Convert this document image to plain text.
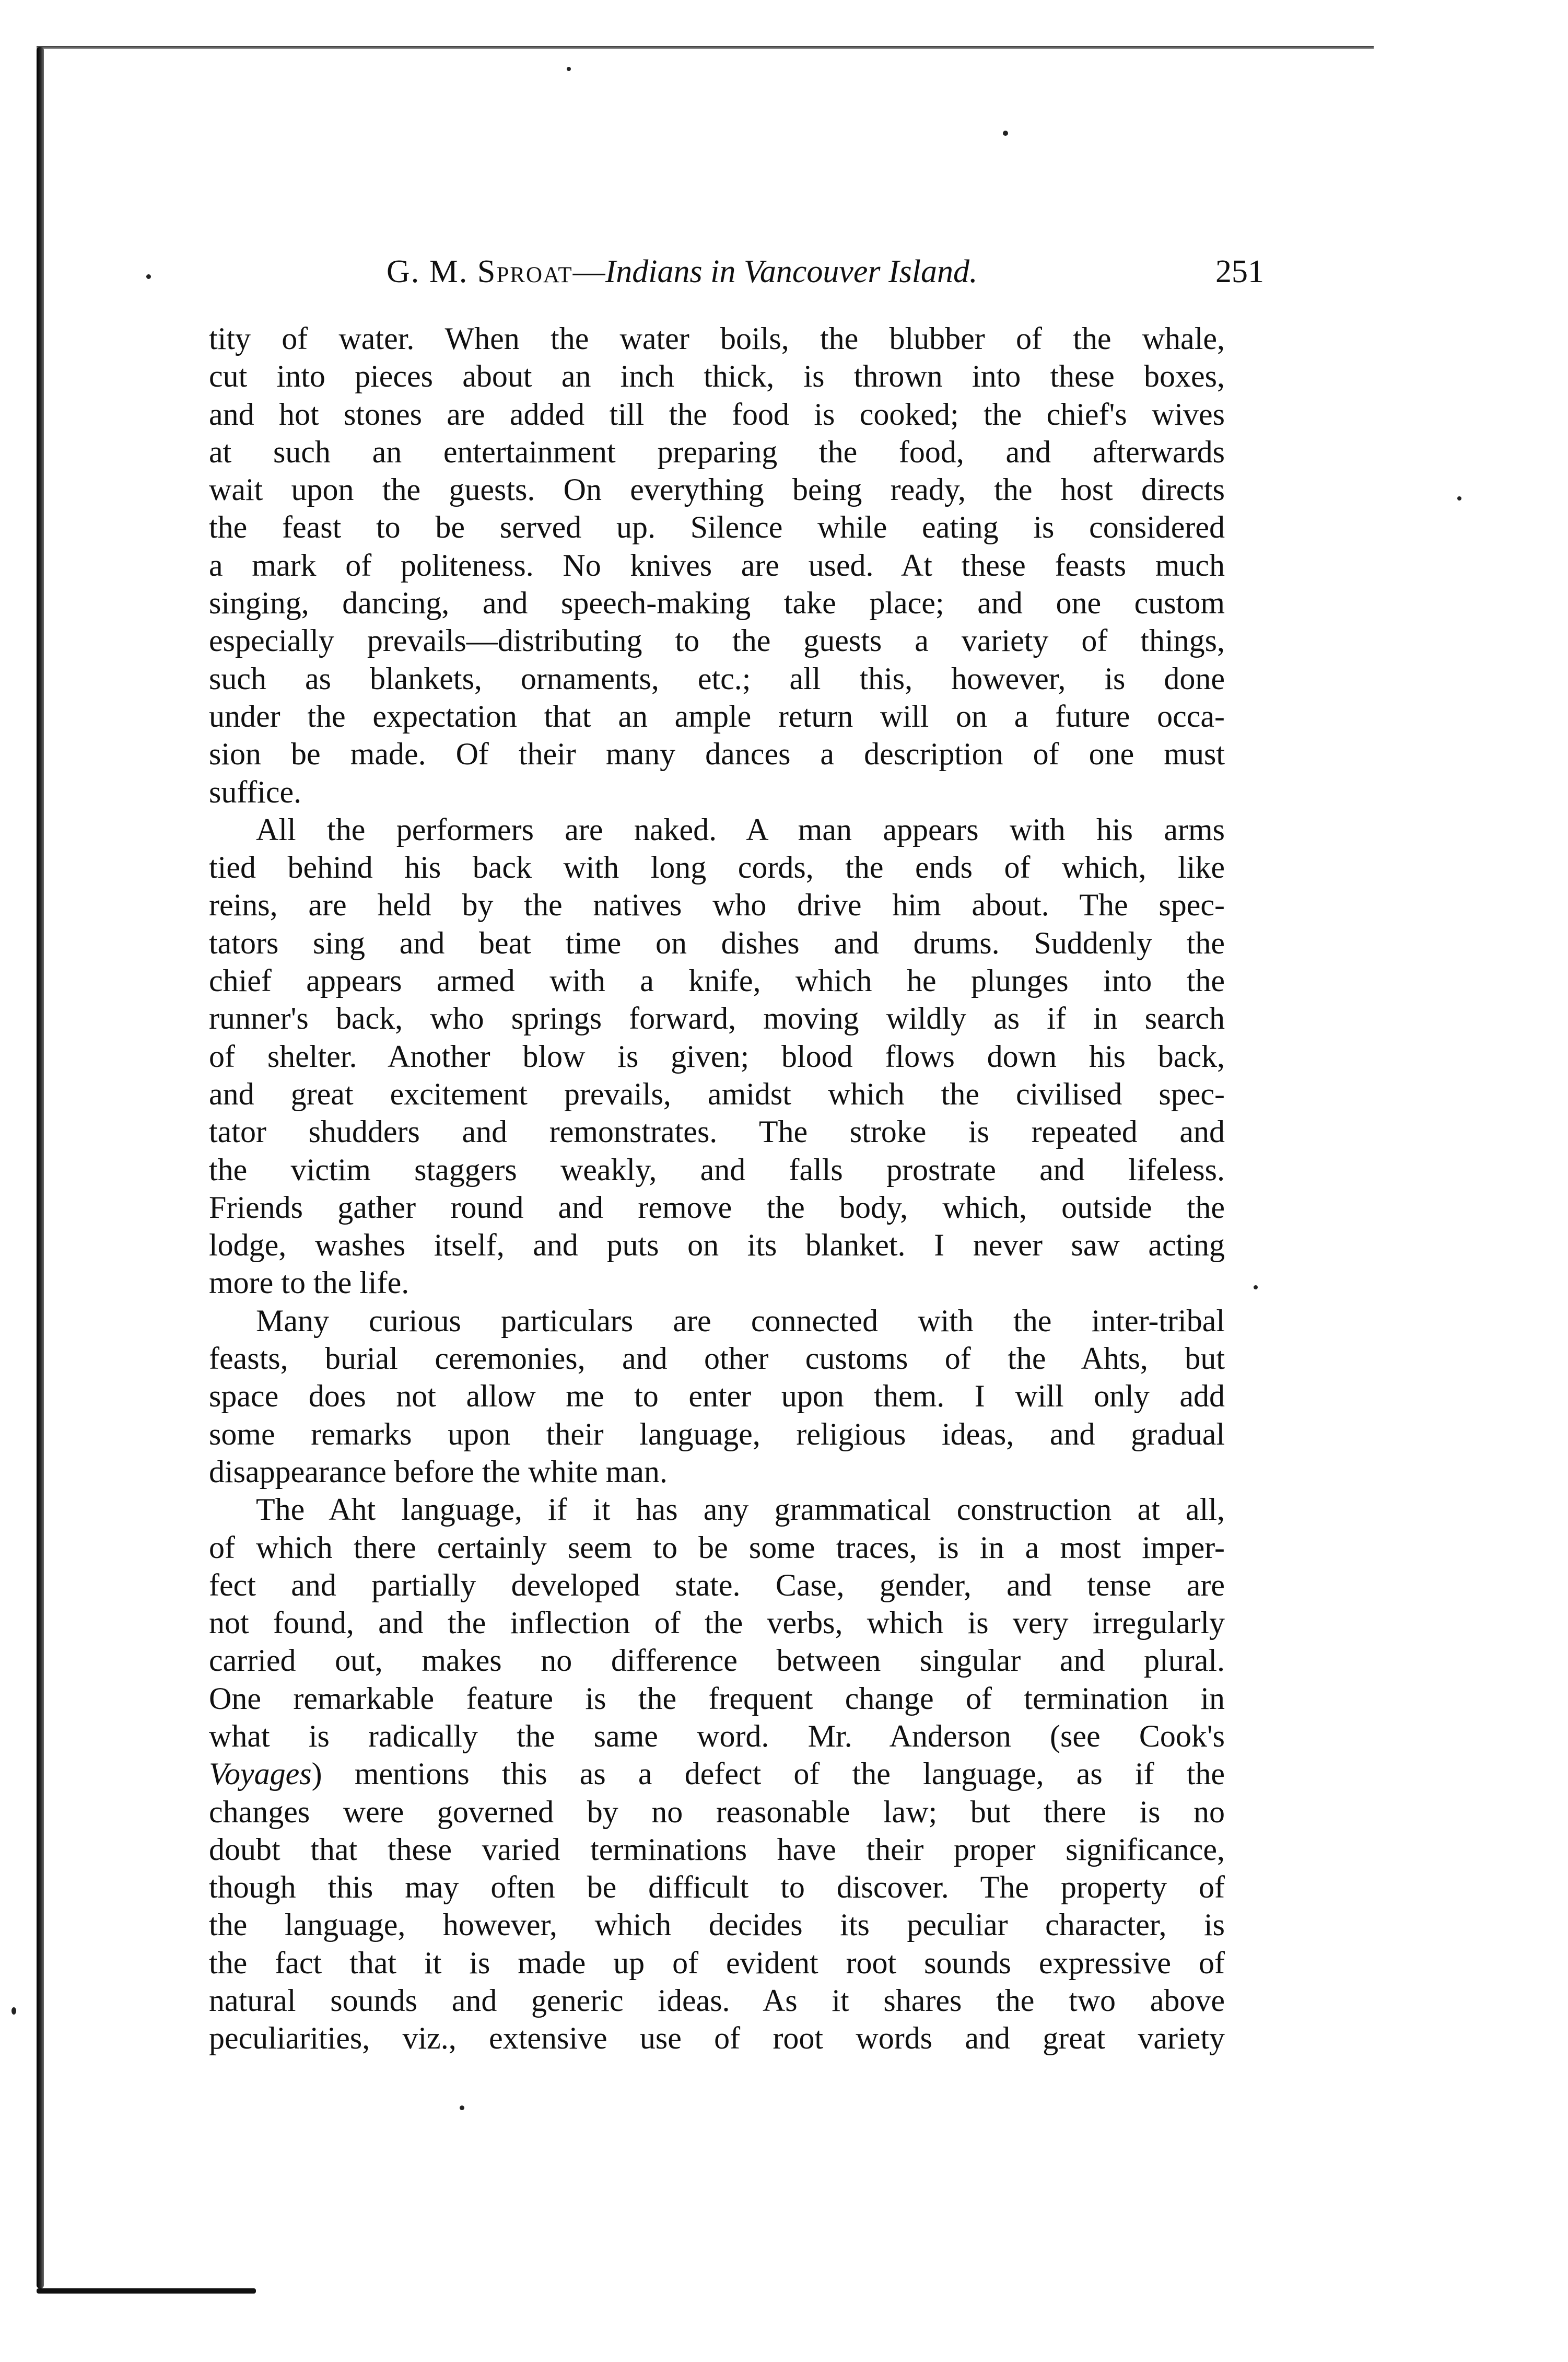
G. M. Sproat—Indians in Vancouver Island.	251
tity of water. When the water boils, the blubber of the whale,
cut into pieces about an inch thick, is thrown into these boxes,
and hot stones are added till the food is cooked; the chief's wives
at such an entertainment preparing the food, and afterwards
wait upon the guests. On everything being ready, the host directs
the feast to be served up. Silence while eating is considered
a mark of politeness. No knives are used. At these feasts much
singing, dancing, and speech-making take place; and one custom
especially prevails—distributing to the guests a variety of things,
such as blankets, ornaments, etc.; all this, however, is done
under the expectation that an ample return will on a future occa-
sion be made. Of their many dances a description of one must
suffice.
All the performers are naked. A man appears with his arms
tied behind his back with long cords, the ends of which, like
reins, are held by the natives who drive him about. The spec-
tators sing and beat time on dishes and drums. Suddenly the
chief appears armed with a knife, which he plunges into the
runner's back, who springs forward, moving wildly as if in search
of shelter. Another blow is given; blood flows down his back,
and great excitement prevails, amidst which the civilised spec-
tator shudders and remonstrates. The stroke is repeated and
the victim staggers weakly, and falls prostrate and lifeless.
Friends gather round and remove the body, which, outside the
lodge, washes itself, and puts on its blanket. I never saw acting
more to the life.
Many curious particulars are connected with the inter-tribal
feasts, burial ceremonies, and other customs of the Ahts, but
space does not allow me to enter upon them. I will only add
some remarks upon their language, religious ideas, and gradual
disappearance before the white man.
The Aht language, if it has any grammatical construction at all,
of which there certainly seem to be some traces, is in a most imper-
fect and partially developed state. Case, gender, and tense are
not found, and the inflection of the verbs, which is very irregularly
carried out, makes no difference between singular and plural.
One remarkable feature is the frequent change of termination in
what is radically the same word. Mr. Anderson (see Cook's
Voyages) mentions this as a defect of the language, as if the
changes were governed by no reasonable law; but there is no
doubt that these varied terminations have their proper significance,
though this may often be difficult to discover. The property of
the language, however, which decides its peculiar character, is
the fact that it is made up of evident root sounds expressive of
natural sounds and generic ideas. As it shares the two above
peculiarities, viz., extensive use of root words and great variety
